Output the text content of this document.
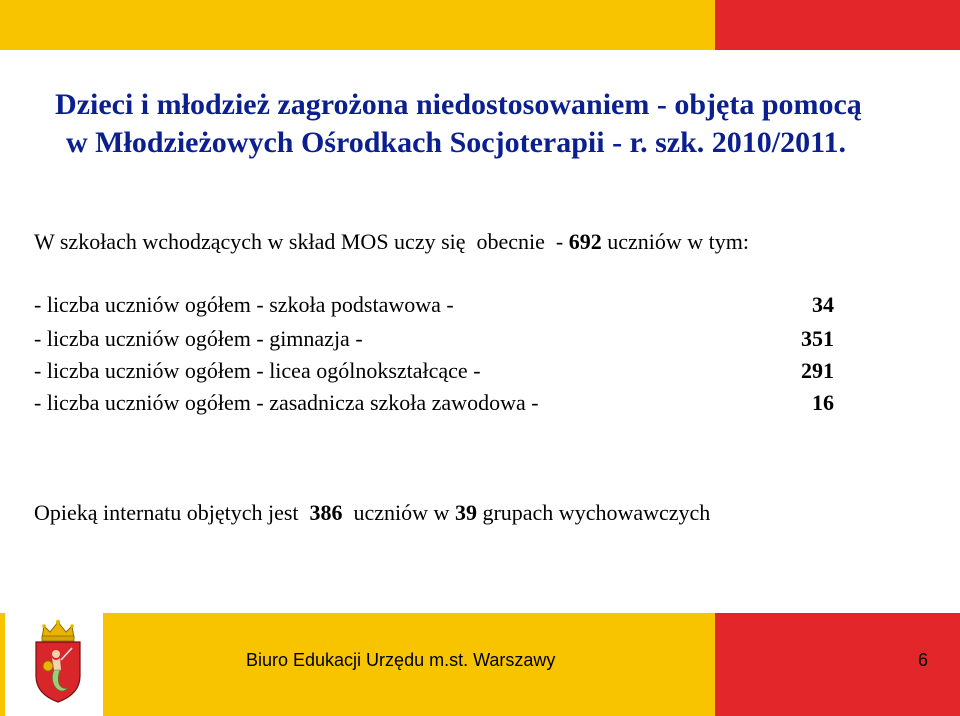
Dzieci i młodzież zagrożona niedostosowaniem - objęta pomocą
w Młodzieżowych Ośrodkach Socjoterapii - r. szk. 2010/2011.
W szkołach wchodzących w skład MOS uczy się  obecnie  - 692 uczniów w tym:
- liczba uczniów ogółem - szkoła podstawowa -	34
- liczba uczniów ogółem - gimnazja -	351
- liczba uczniów ogółem - licea ogólnokształcące -	291
- liczba uczniów ogółem - zasadnicza szkoła zawodowa -	16
Opieką internatu objętych jest  386  uczniów w 39 grupach wychowawczych
Biuro Edukacji Urzędu m.st. Warszawy	6
